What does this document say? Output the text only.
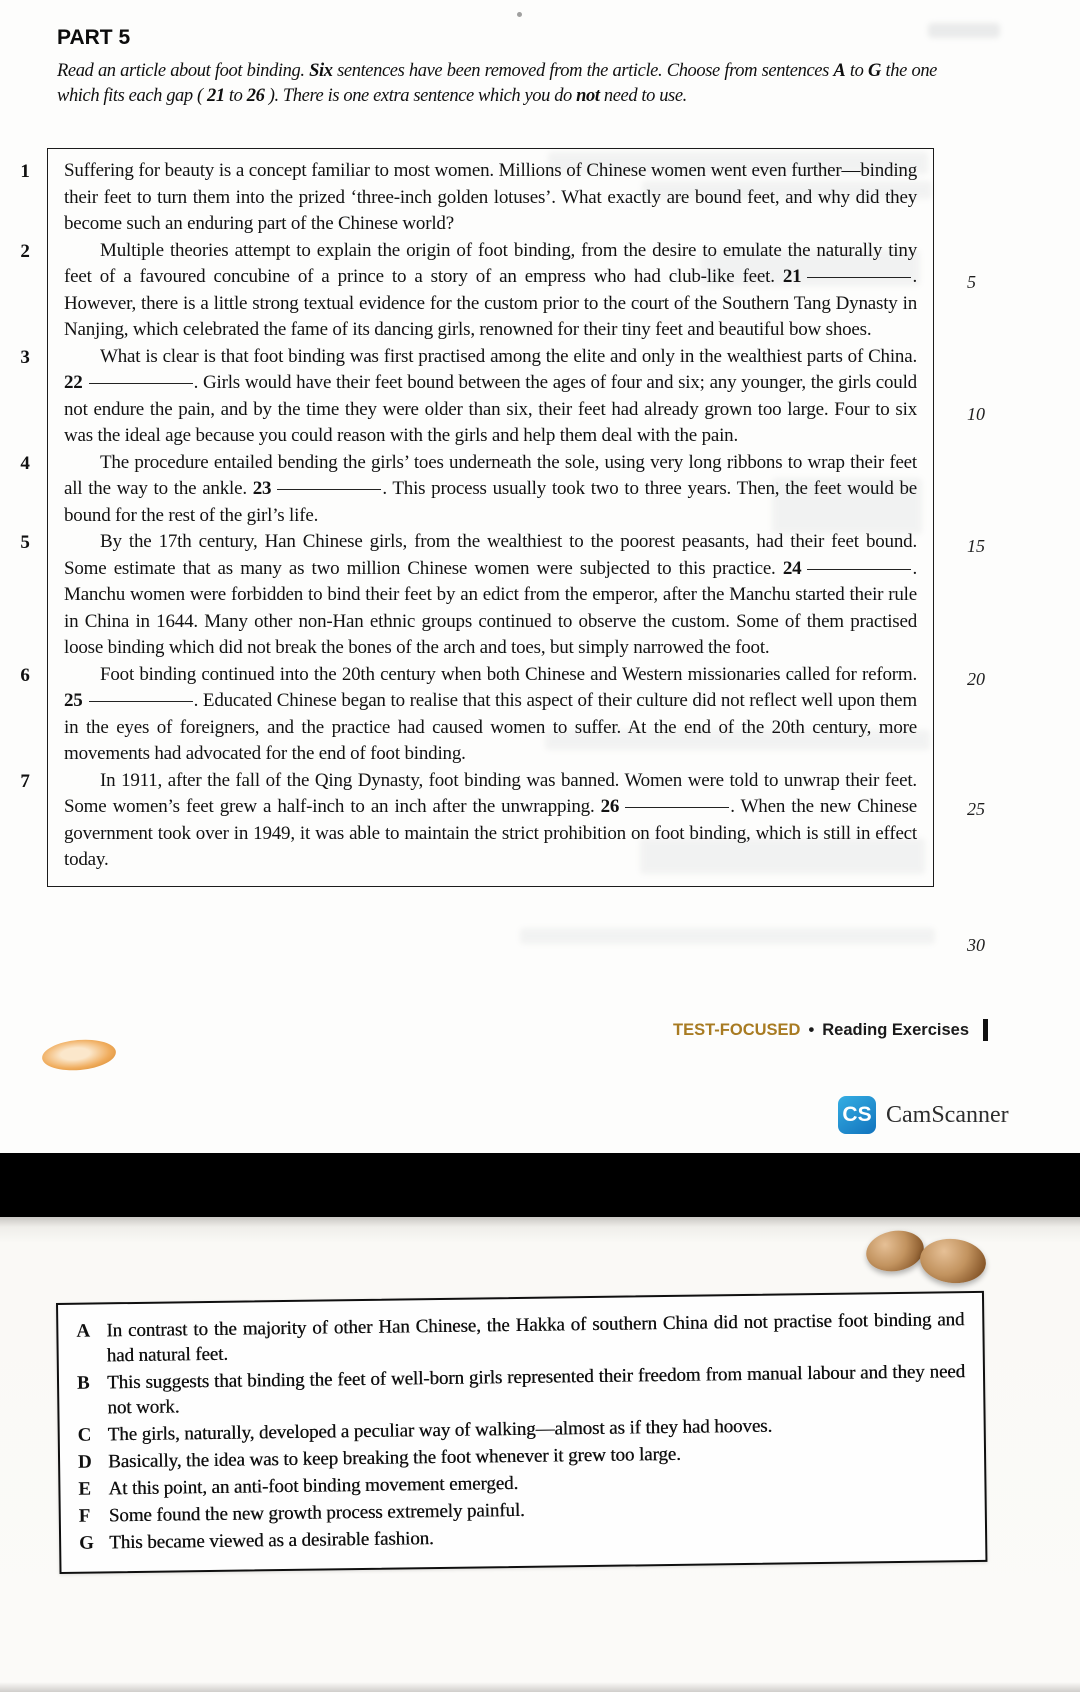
PART 5
Read an article about foot binding. Six sentences have been removed from the article. Choose from sentences A to G the one which fits each gap ( 21 to 26 ). There is one extra sentence which you do not need to use.
1	Suffering for beauty is a concept familiar to most women. Millions of Chinese women went even further—binding their feet to turn them into the prized ‘three-inch golden lotuses’. What exactly are bound feet, and why did they become such an enduring part of the Chinese world?
2	Multiple theories attempt to explain the origin of foot binding, from the desire to emulate the naturally tiny feet of a favoured concubine of a prince to a story of an empress who had club-like feet. 21	. However, there is a little strong textual evidence for the custom prior to the court of the Southern Tang Dynasty in Nanjing, which celebrated the fame of its dancing girls, renowned for their tiny feet and beautiful bow shoes.
3	What is clear is that foot binding was first practised among the elite and only in the wealthiest parts of China. 22	. Girls would have their feet bound between the ages of four and six; any younger, the girls could not endure the pain, and by the time they were older than six, their feet had already grown too large. Four to six was the ideal age because you could reason with the girls and help them deal with the pain.
4	The procedure entailed bending the girls’ toes underneath the sole, using very long ribbons to wrap their feet all the way to the ankle. 23	. This process usually took two to three years. Then, the feet would be bound for the rest of the girl’s life.
5	By the 17th century, Han Chinese girls, from the wealthiest to the poorest peasants, had their feet bound. Some estimate that as many as two million Chinese women were subjected to this practice. 24	. Manchu women were forbidden to bind their feet by an edict from the emperor, after the Manchu started their rule in China in 1644. Many other non-Han ethnic groups continued to observe the custom. Some of them practised loose binding which did not break the bones of the arch and toes, but simply narrowed the foot.
6	Foot binding continued into the 20th century when both Chinese and Western missionaries called for reform. 25	. Educated Chinese began to realise that this aspect of their culture did not reflect well upon them in the eyes of foreigners, and the practice had caused women to suffer. At the end of the 20th century, more movements had advocated for the end of foot binding.
7	In 1911, after the fall of the Qing Dynasty, foot binding was banned. Women were told to unwrap their feet. Some women’s feet grew a half-inch to an inch after the unwrapping. 26	. When the new Chinese government took over in 1949, it was able to maintain the strict prohibition on foot binding, which is still in effect today.
5
10
15
20
25
30
TEST-FOCUSED • Reading Exercises
CS CamScanner
A In contrast to the majority of other Han Chinese, the Hakka of southern China did not practise foot binding and had natural feet.
B This suggests that binding the feet of well-born girls represented their freedom from manual labour and they need not work.
C The girls, naturally, developed a peculiar way of walking—almost as if they had hooves.
D Basically, the idea was to keep breaking the foot whenever it grew too large.
E At this point, an anti-foot binding movement emerged.
F Some found the new growth process extremely painful.
G This became viewed as a desirable fashion.
